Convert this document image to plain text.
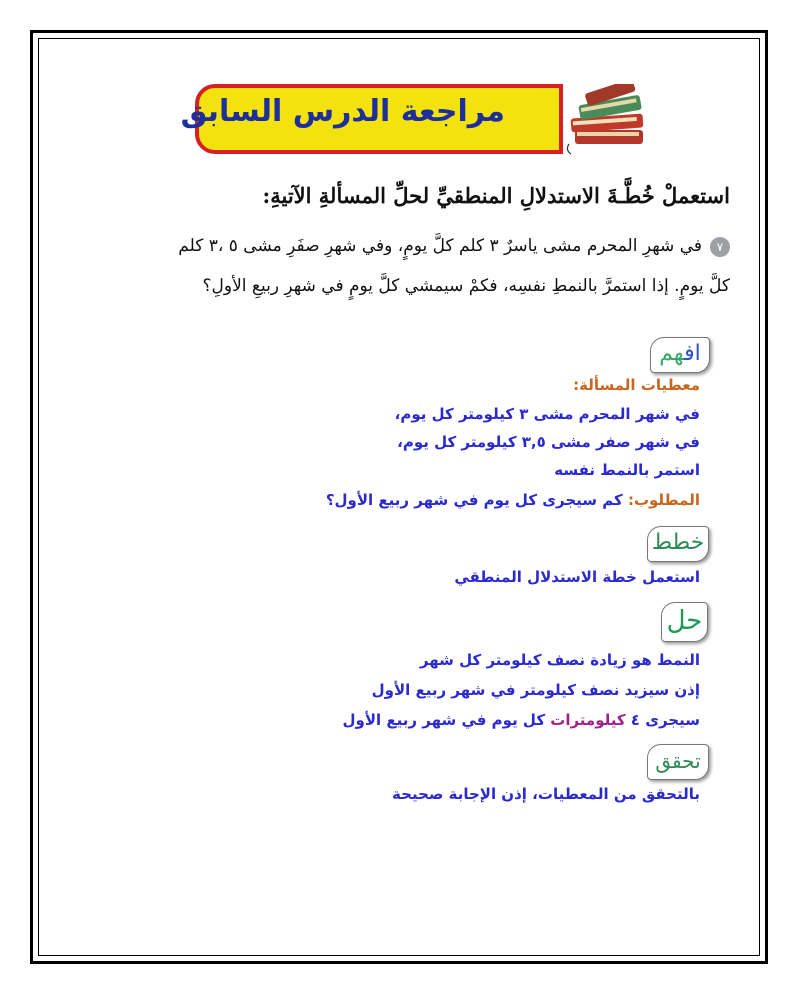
مراجعة الدرس السابق
استعملْ خُطَّـةَ الاستدلالِ المنطقيِّ لحلِّ المسألةِ الآتيةِ:
٧في شهرِ المحرم مشى ياسرٌ ٣ كلم كلَّ يومٍ، وفي شهرِ صفَرِ مشى ٥ ،٣ كلم
كلَّ يومٍ. إذا استمرَّ بالنمطِ نفسِه، فكمْ سيمشي كلَّ يومٍ في شهرِ ربيعِ الأولِ؟
افهم
معطيات المسألة:
في شهر المحرم مشى ٣ كيلومتر كل يوم،
في شهر صفر مشى ٣,٥ كيلومتر كل يوم،
استمر بالنمط نفسه
المطلوب: كم سيجرى كل يوم في شهر ربيع الأول؟
خطط
استعمل خطة الاستدلال المنطقي
حل
النمط هو زيادة نصف كيلومتر كل شهر
إذن سيزيد نصف كيلومتر في شهر ربيع الأول
سيجرى ٤ كيلومترات كل يوم في شهر ربيع الأول
تحقق
بالتحقق من المعطيات، إذن الإجابة صحيحة
